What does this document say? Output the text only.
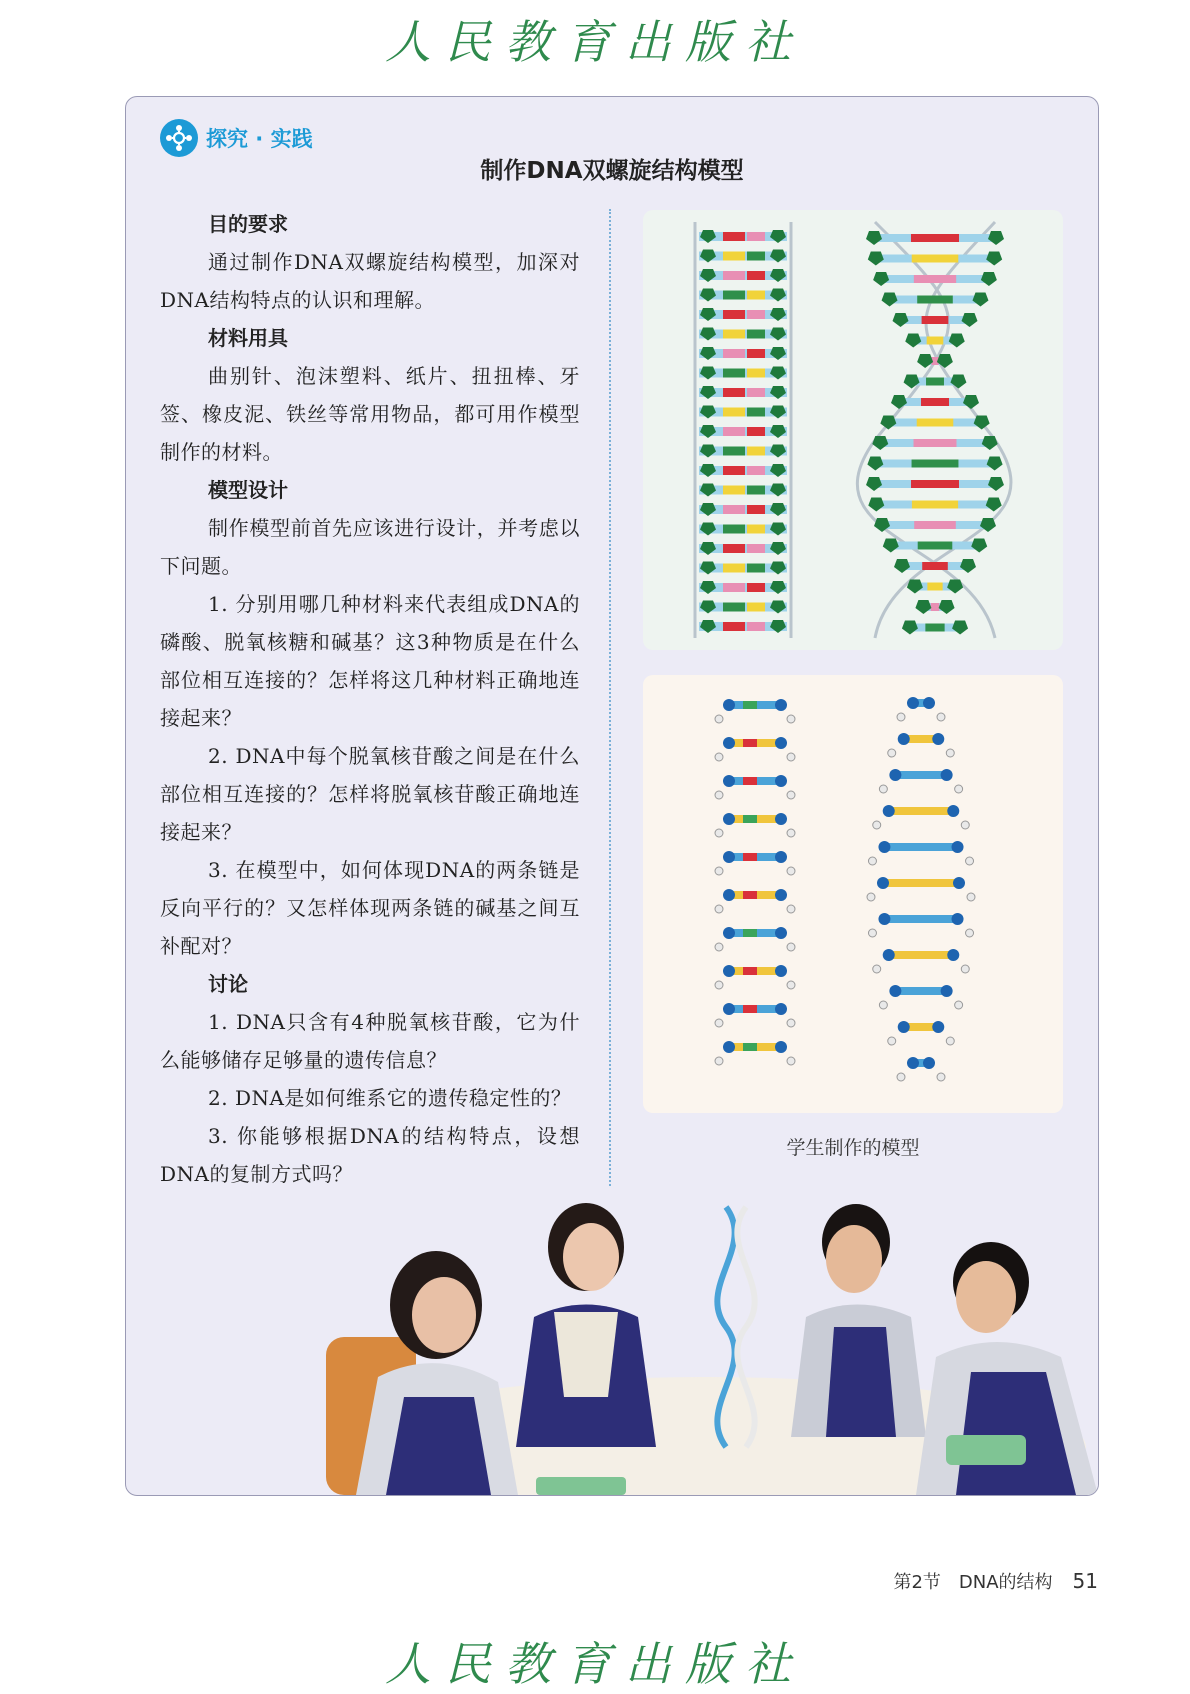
人民教育出版社
探究 · 实践
制作DNA双螺旋结构模型
目的要求

通过制作DNA双螺旋结构模型，加深对DNA结构特点的认识和理解。

材料用具

曲别针、泡沫塑料、纸片、扭扭棒、牙签、橡皮泥、铁丝等常用物品，都可用作模型制作的材料。

模型设计

制作模型前首先应该进行设计，并考虑以下问题。

1. 分别用哪几种材料来代表组成DNA的磷酸、脱氧核糖和碱基？这3种物质是在什么部位相互连接的？怎样将这几种材料正确地连接起来？

2. DNA中每个脱氧核苷酸之间是在什么部位相互连接的？怎样将脱氧核苷酸正确地连接起来？

3. 在模型中，如何体现DNA的两条链是反向平行的？又怎样体现两条链的碱基之间互补配对？

讨论

1. DNA只含有4种脱氧核苷酸，它为什么能够储存足够量的遗传信息？

2. DNA是如何维系它的遗传稳定性的？

3. 你能够根据DNA的结构特点，设想DNA的复制方式吗？

学生制作的模型
第2节　DNA的结构 51
人民教育出版社
